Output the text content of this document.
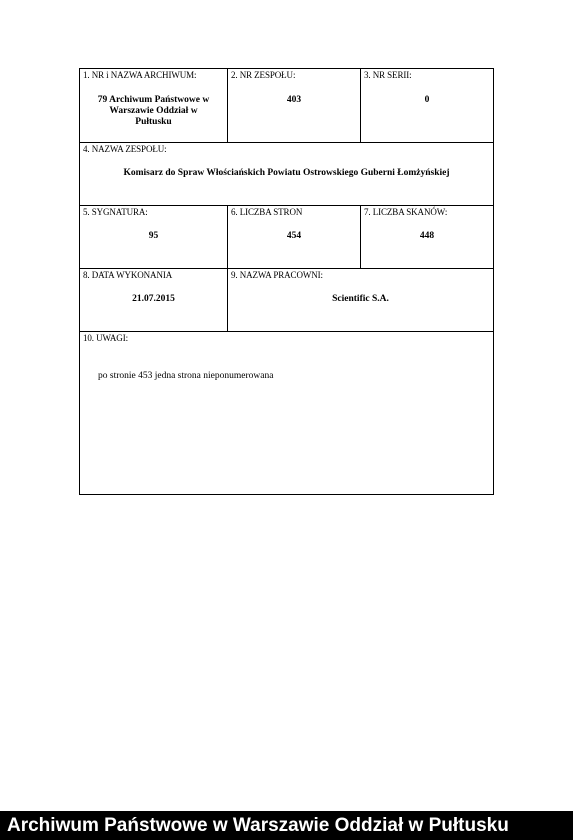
1. NR i NAZWA ARCHIWUM:
79 Archiwum Państwowe w Warszawie Oddział w Pułtusku
2. NR ZESPOŁU:
403
3. NR SERII:
0
4. NAZWA ZESPOŁU:
Komisarz do Spraw Włościańskich Powiatu Ostrowskiego Guberni Łomżyńskiej
5. SYGNATURA:
95
6. LICZBA STRON
454
7. LICZBA SKANÓW:
448
8. DATA WYKONANIA
21.07.2015
9. NAZWA PRACOWNI:
Scientific S.A.
10. UWAGI:
po stronie 453 jedna strona nieponumerowana
Archiwum Państwowe w Warszawie Oddział w Pułtusku
